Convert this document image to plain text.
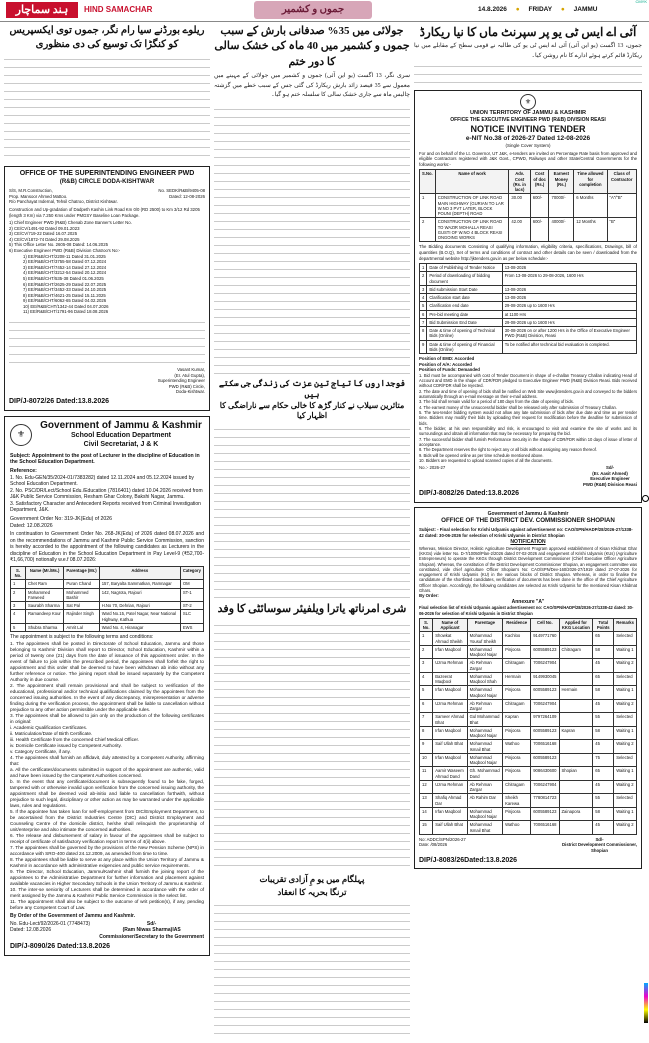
ہند سماچار	HIND SAMACHAR	جموں و کشمیر	14.8.2026 ● FRIDAY ● JAMMU
CMYK
ریلوے بورڈنے سیا رام نگر، جموں توی ایکسپریس کو کنگڑا تک توسیع کی دی منظوری
OFFICE OF THE SUPERINTENDING ENGINEER PWD
(R&B) CIRCLE DODA-KISHTWAR
S/S, M.R.Construction,
Prop. Mansoor Ahmed Mattoo.
R/o Panchayat Indernal, Tehsil Chatroo, District Kishtwar.
No. SEDK/R&B/9405-08
Dated: 12-08-2026
Construction and Up-gradation of Dadpeth Kashin Link Road Km 0/0 (RD 2500) to Km 3/12 Rd 3205 (length 3 Km) via 7.250 Kms under PMGSY Baseline Loan Package.
1) Chief Engineer PWD (R&B) Chenab Zone Banner's Letter No.
2) CE/CV/1491-92 Dated 09.01.2023
3) CE/CV/719-22 Dated 16.07.2025
4) CE/CV/1872-74 Dated 29.08.2025
5) This Office Letter No. 2605-08 Dated: 14.06.2025
6) Executive Engineer PWD (R&B) Division Chatroo's No:-
1) EE/R&B/CHT/2208-11 Dated 31.01.2025
2) EE/R&B/CHT/3755-58 Dated 07.12.2024
3) EE/R&B/CHT/7452-14 Dated 27.12.2024
4) EE/R&B/CHT/3212-54 Dated 20.12.2024
5) EE/R&B/CHT/535-38 Dated 01.06.2025
6) EE/R&B/CHT/2625-29 Dated 22.07.2025
7) EE/R&B/CHT/3452-33 Dated 24.10.2025
8) EE/R&B/CHT/4621-25 Dated 15.11.2025
9) EE/R&B/CHT/6062-65 Dated 04.02.2026
10) EE/R&B/CHT/1342-44 Dated 04.07.2026
11) EE/R&B/CHT/1791-96 Dated 18.08.2026
Vasant Kumar,
(Er. Atul Gupta),
Superintending Engineer
PWD (R&B) Circle,
Doda-Kishtwar.
DIP/J-8072/26 Dated:13.8.2026
⚜
Government of Jammu & Kashmir
School Education Department
Civil Secretariat, J & K
Subject: Appointment to the post of Lecturer in the discipline of Education in the School Education Department.
Reference:
1. No. Edu-GEN/35/2024-01/7383282) dated 12.11.2024 and 05.12.2024 issued by School Education Department.
2. No. PSC/DR/Lect/School Edu./Education (7816401) dated 10.04.2026 received from J&K Public Service Commission, Resham Ghar Colony, Bakshi Nagar, Jammu.
3. Satisfactory Character and Antecedent Reports received from Criminal Investigation Department, J&K.
Government Order No: 319-JK(Edu) of 2026
Dated: 12.08.2026
In continuation to Government Order No. 268-JK(Edu) of 2026 dated 08.07.2026 and on the recommendations of Jammu and Kashmir Public Service Commission, sanction is hereby accorded to the appointment of the following candidates as Lecturers in the discipline of Education in the School Education Department in Pay Level-9 (₹52,700-₹1,66,700) notionally w.e.f 08.07.2026:
S. No.	Name (Mr./Ms.)	Parentage (Mr.)	Address	Category
1	Chet Ram	Puran Chand	157, Baryalta Sammatkan, Ramnagar	OM
2	Mohammed Farweed	Mohammed Bashir	142, Nagrota, Rajouri	ST-1
3	Saurabh Sharma	Sat Pal	H.No 70, Dehrian, Rajouri	ST-2
4	Ramandeep Kour	Rajinder Singh	Ward No.15, Patel Nagar, Near National Highway, Kathua	SLC
5	Shubra Sharma	Amrit Lal	Ward No. 4, Hiranagar	EWS
The appointment is subject to the following terms and conditions:
1. The appointees shall be posted in Directorate of School Education, Jammu and those belonging to Kashmir Division shall report to Director, School Education, Kashmir within a period of twenty one (21) days from the date of issuance of this appointment order. In the event of failure to join within the prescribed period, the appointees shall forfeit the right to appointment and this order shall be deemed to have been withdrawn ab initio without any further reference or notice. The joining report shall be issued separately by the Competent Authority in due course.
2. The appointment shall remain provisional and shall be subject to verification of the educational, professional and/or technical qualifications claimed by the appointees from the concerned issuing authorities. In the event of any discrepancy, misrepresentation or adverse finding during the verification process, the appointment shall be liable to cancellation without prejudice to any other action permissible under the applicable rules.
3. The appointees shall be allowed to join only on the production of the following certificates in original:
i. Academic Qualification Certificates.
ii. Matriculation/Date of Birth Certificate.
iii. Health Certificate from the concerned Chief Medical Officer.
iv. Domicile Certificate issued by Competent Authority.
v. Category Certificate, if any.
4. The appointees shall furnish an affidavit, duly attested by a Competent Authority, affirming that:
a. All the certificates/documents submitted in support of the appointment are authentic, valid and have been issued by the Competent Authorities concerned.
b. In the event that any certificate/document is subsequently found to be fake, forged, tampered with or otherwise invalid upon verification from the concerned issuing authority, the appointment shall be deemed void ab-initio and liable to cancellation forthwith, without prejudice to such legal, disciplinary or other action as may be warranted under the applicable laws, rules and regulations.
5. If the appointee has taken loan for self-employment from DIC/Employment Department, to be ascertained from the District Industries Centre (DIC) and District Employment and Counseling Centre of the domicile district, he/she shall relinquish the proprietorship of unit/enterprise and also intimate the concerned authorities.
6. The release and disbursement of salary in favour of the appointees shall be subject to receipt of certificate of satisfactory verification report in terms of 4(ii) above.
7. The appointees shall be governed by the provisions of the New Pension Scheme (NPS) in accordance with SRO-400 dated 24.12.2009, as amended from time to time.
8. The appointees shall be liable to serve at any place within the Union Territory of Jammu & Kashmir in accordance with administrative exigencies and public service requirements.
9. The Director, School Education, Jammu/Kashmir shall furnish the joining report of the appointees to the Administrative Department for further information and placement against available vacancies in Higher Secondary Schools in the Union Territory of Jammu & Kashmir.
10. The inter-se seniority of Lecturers shall be determined in accordance with the order of merit assigned by the Jammu & Kashmir Public Service Commission in the select list.
11. The appointment shall also be subject to the outcome of writ petition(s), if any, pending before any Competent Court of Law.
By Order of the Government of Jammu and Kashmir.
No. Edu-Lect/92/2026-01 (7748473)
Dated: 12.08.2026
Sd/-
(Ram Niwas Sharma)IAS
Commissioner/Secretary to the Government
DIP/J-8090/26 Dated:13.8.2026
جولائی میں 35% صدفانی بارش کے سبب جموں و کشمیر میں 40 ماہ کی خشک سالی کا دور ختم
سری نگر، 13 اگست (یو این آئی) جموں و کشمیر میں جولائی کے مہینے میں معمول سے 35 فیصد زائد بارش ریکارڈ کی گئی جس کے سبب خطے میں گزشتہ چالیس ماہ سے جاری خشک سالی کا سلسلہ ختم ہو گیا۔
فوجداروں کا تیاج تین عزت کی زندگی جی سکتے ہیں
متاثرین سیلاب نے کنار گڑھ کا خالی حکام سے ناراضگی کا اظہار کیا
شری امرناتھ یاترا ویلفیئر سوسائٹی کا وفد
پہلگام میں یو مِ آزادی تقریبات
ترنگا بحریہ کا انعقاد
آئی اے ایس ٹی یو پر سپرنٹ ماں کا نیا ریکارڈ
جموں، 13 اگست (یو این آئی) آئی اے ایس ٹی یو کی طالبہ نے قومی سطح کے مقابلے میں نیا ریکارڈ قائم کرتے ہوئے ادارے کا نام روشن کیا۔
⚜
UNION TERRITORY OF JAMMU & KASHMIR
OFFICE THE EXECUTIVE ENGINEER PWD (R&B) DIVISION REASI
NOTICE INVITING TENDER
e-NIT No.38 of 2026-27 Dated 12-08-2026
(Single Cover System)
For and on behalf of the Lt. Governor, UT J&K, e-tenders are invited on Percentage Rate basis from approved and eligible Contractors registered with J&K Govt., CPWD, Railways and other State/Central Governments for the following works:-
S.No.	Name of work	Adv. Cost (Rs. in lacs)	Cost of doc (Rs.)	Earnest Money (Rs.)	Time allowed for completion	Class of Contractor
1	CONSTRUCTION OF LINK ROAD MAIN HIGHWAY (GURIAN TO LAR W.NO 3 PVT LATER, BLOCK POUNI (DEPTH) ROAD	30.00	600/-	70000/-	6 Months	"A"/"B"
2	CONSTRUCTION OF LINK ROAD TO WAZIR MOHALLA REASI GUSTI OF W.NO 4 BLOCK REASI ONGOING WORKS	42.00	600/-	40000/-	12 Months	"B"
The Bidding documents Consisting of qualifying information, eligibility criteria, specifications, Drawings, bill of quantities (B.O.Q), Set of terms and conditions of contract and other details can be seen / downloaded from the departmental website http://jktenders.gov.in as per below schedule:-
1	Date of Publishing of Tender Notice	13-08-2026
2	Period of downloading of bidding document	From 13-08-2026 to 29-08-2026, 1600 Hrs
3	Bid submission Start Date	13-08-2026
4	Clarification start date	13-08-2026
5	Clarification end date	29-08-2026 up to 1600 Hrs
6	Pre-bid meeting date	at 1100 Hrs
7	Bid Submission End Date	29-08-2026 up to 1600 Hrs
8	Date & time of opening of Technical Bids (Online)	30-08-2026 on or after 1200 Hrs in the Office of Executive Engineer PWD (R&B) Division, Reasi
9	Date & time of opening of Financial Bids (Online)	To be notified after technical bid evaluation is completed.
Position of EMD: Accorded
Position of A/A: Accorded
Position of Funds: Demanded
1. Bid must be accompanied with cost of Tender Document in shape of e-challan Treasury Challan indicating Head of Account and EMD in the shape of CDR/FDR pledged to Executive Engineer PWD (R&B) Division Reasi. Bids received without CDR/FDR shall be rejected.
2. The date and time of opening of bids shall be notified on Web Site www.jktenders.gov.in and conveyed to the bidders automatically through an e-mail message on their e-mail address.
3. The bid shall remain valid for a period of 180 days from the date of opening of bids.
4. The earnest money of the unsuccessful bidder shall be released only after submission of Treasury Challan.
5. The two-tender bidding system would not allow any late submission of bids after due date and time as per tender time. Bidders may modify their bids by uploading their request for modification before the deadline for submission of bids.
6. The bidder, at his own responsibility and risk, is encouraged to visit and examine the site of works and its surroundings and obtain all information that may be necessary for preparing the bid.
7. The successful bidder shall furnish Performance Security in the shape of CDR/FDR within 10 days of issue of letter of acceptance.
8. The Department reserves the right to reject any or all bids without assigning any reason thereof.
9. Bids will be opened online as per time schedule mentioned above.
10. Bidders are requested to upload scanned copies of all the documents.
No.:- 2026-27	Sd/-
(Er. Aasit Ahmed)
Executive Engineer
PWD (R&B) Division Reasi
DIP/J-8082/26 Dated:13.8.2026
Government of Jammu & Kashmir
OFFICE OF THE DISTRICT DEV. COMMISSIONER SHOPIAN
Subject: - Final selection for Krishi Udyamis against advertisement no: CAO/SPN/HADP/28/2026-27/1338-42 dated: 30-06-2026 for selection of Krishi Udyamis in District Shopian
NOTIFICATION
Whereas, Mission Director, Holistic Agriculture Development Program approved establishment of Kisan Khidmat Ghar (KKGs) vide letter No. D-7/10050/Plan-2/2026 dated 07-02-2026 and engagement of Krishi Udyamis (KUs) (Agriculture Entrepreneurs) to operate the KKGs through District Development Commissioner (Chief Executive Officer Agriculture Shopian). Whereas, the constitution of the District Development Commissioner Shopian, an engagement committee was constituted, vide chief agriculture Officer Shopian's No: CAO/SPN/Dev-160/2026-27/1919 dated 27-07-2026 for engagement of Krishi Udyamis (KU) in the various blocks of District Shopian. Whereas, in order to finalise the candidature of the shortlisted candidates, verification of documents has been done in the office of the Chief Agriculture Officer Shopian. Accordingly, the following candidates are selected as Krishi Udyamis for the mentioned Kisan Khidmat Ghars.
By Order:
Annexure "A"
Final selection list of Krishi Udyamis against advertisement no: CAO/SPN/HADP/28/2026-27/1338-42 dated: 30-06-2026 for selection of Krishi Udyamis in District Shopian
S. No.	Name of Applicant	Parentage	Residence	Cell No.	Applied for KKG Location	Total Points	Remarks
1	Showkat Ahmad Sheikh	Mohammad Yousuf Sheikh	Kachloo	9149771760		65	Selected
2	Irfan Maqbool	Mohammad Maqbool Najar	Pinjoora	6005589123	Chitragam	58	Waiting 1
3	Uzma Rehman	Ab Rehman Zargar	Chitragam	7006247904		45	Waiting 2
4	Bazeerat Maqbool	Mohammad Maqbool Shah	Hermain	9149930045		65	Selected
5	Irfan Maqbool	Mohammad Maqbool Najar	Pinjoora	6005589123	Hermain	58	Waiting 1
6	Uzma Rehman	Ab Rehman Zargar	Chitragam	7006247904		45	Waiting 2
7	Sameer Ahmad Bhat	Gul Mohammad Bhat	Kapran	9797264109		55	Selected
8	Irfan Maqbool	Mohammad Maqbool Najar	Pinjoora	6005589123	Kapran	58	Waiting 1
9	Saif Ullah Bhat	Mohammad Ismail Bhat	Wathoo	7006516168		45	Waiting 2
10	Irfan Maqbool	Mohammad Maqbool Najar	Pinjoora	6005589123		75	Selected
11	Aamir Waseem Ahmad Dand	Gh. Mohammad Dand	Pinjoora	9086430600	Shopian	65	Waiting 1
12	Uzma Rehman	Ab Rehman Zargar	Chitragam	7006247904		45	Waiting 2
13	Shafiq Ahmad Dar	Ab Rahim Dar	Sheikh Karewa	7780814723		55	Selected
14	Irfan Maqbool	Mohammad Maqbool Najar	Pinjoora	6005589123	Zainapora	58	Waiting 1
15	Saif Ullah Bhat	Mohammad Ismail Bhat	Wathoo	7006516168		45	Waiting 2
No: ADDC/SPN/2026-27
Date: /08/2026
Sd/-
District Development Commissioner,
Shopian
DIP/J-8083/26Dated:13.8.2026
